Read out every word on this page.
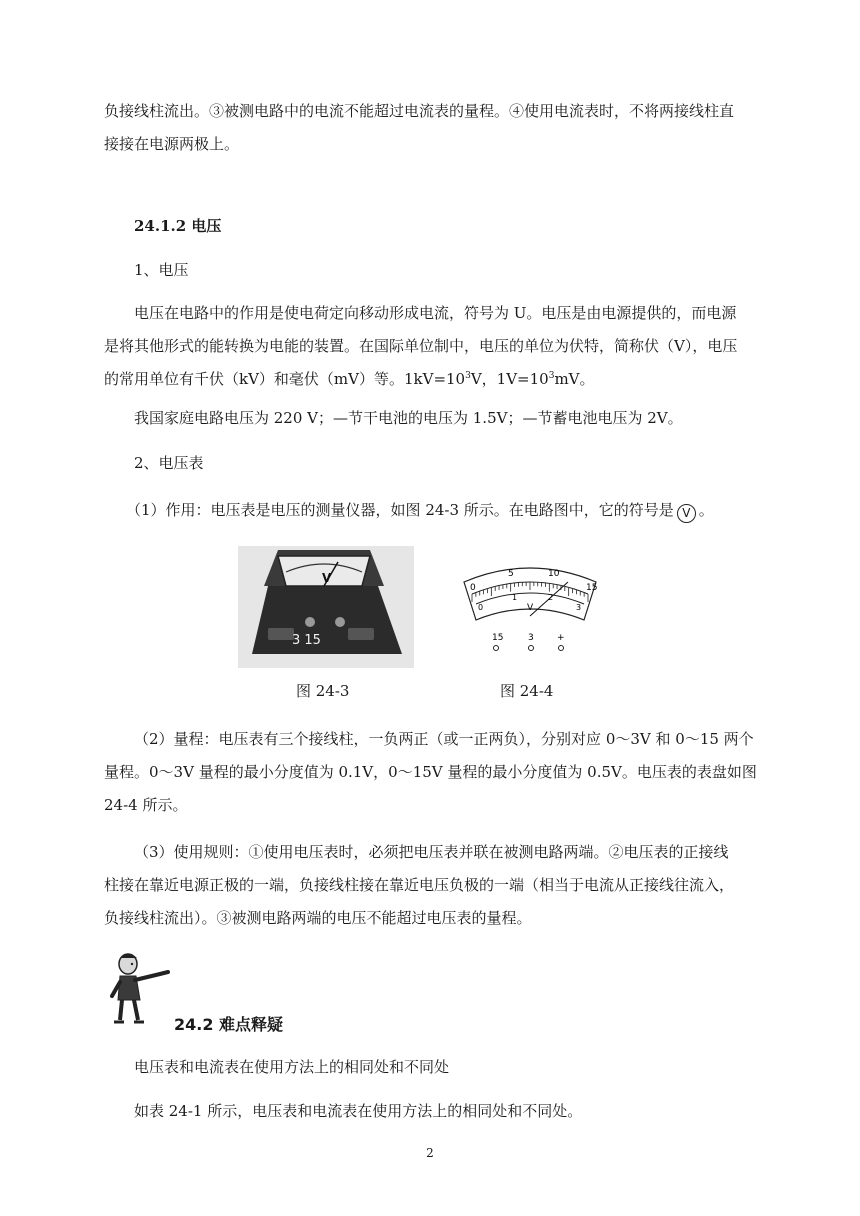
负接线柱流出。③被测电路中的电流不能超过电流表的量程。④使用电流表时，不将两接线柱直

接接在电源两极上。

24.1.2 电压

1、电压

电压在电路中的作用是使电荷定向移动形成电流，符号为 U。电压是由电源提供的，而电源

是将其他形式的能转换为电能的装置。在国际单位制中，电压的单位为伏特，简称伏（V），电压

的常用单位有千伏（kV）和毫伏（mV）等。$1kV=10^3V$，$1V=10^3mV$。

我国家庭电路电压为 220 V；—节干电池的电压为 1.5V；—节蓄电池电压为 2V。

2、电压表

（1）作用：电压表是电压的测量仪器，如图 24-3 所示。在电路图中，它的符号是 V 。

V
3 15
0
5	10
15
0
1	2
3
V
15	3	+
图 24-3	图 24-4

（2）量程：电压表有三个接线柱，一负两正（或一正两负），分别对应 0～3V 和 0～15 两个

量程。0～3V 量程的最小分度值为 0.1V，0～15V 量程的最小分度值为 0.5V。电压表的表盘如图

24-4 所示。

（3）使用规则：①使用电压表时，必须把电压表并联在被测电路两端。②电压表的正接线

柱接在靠近电源正极的一端，负接线柱接在靠近电压负极的一端（相当于电流从正接线往流入，

负接线柱流出）。③被测电路两端的电压不能超过电压表的量程。

24.2 难点释疑

电压表和电流表在使用方法上的相同处和不同处

如表 24-1 所示，电压表和电流表在使用方法上的相同处和不同处。

2
